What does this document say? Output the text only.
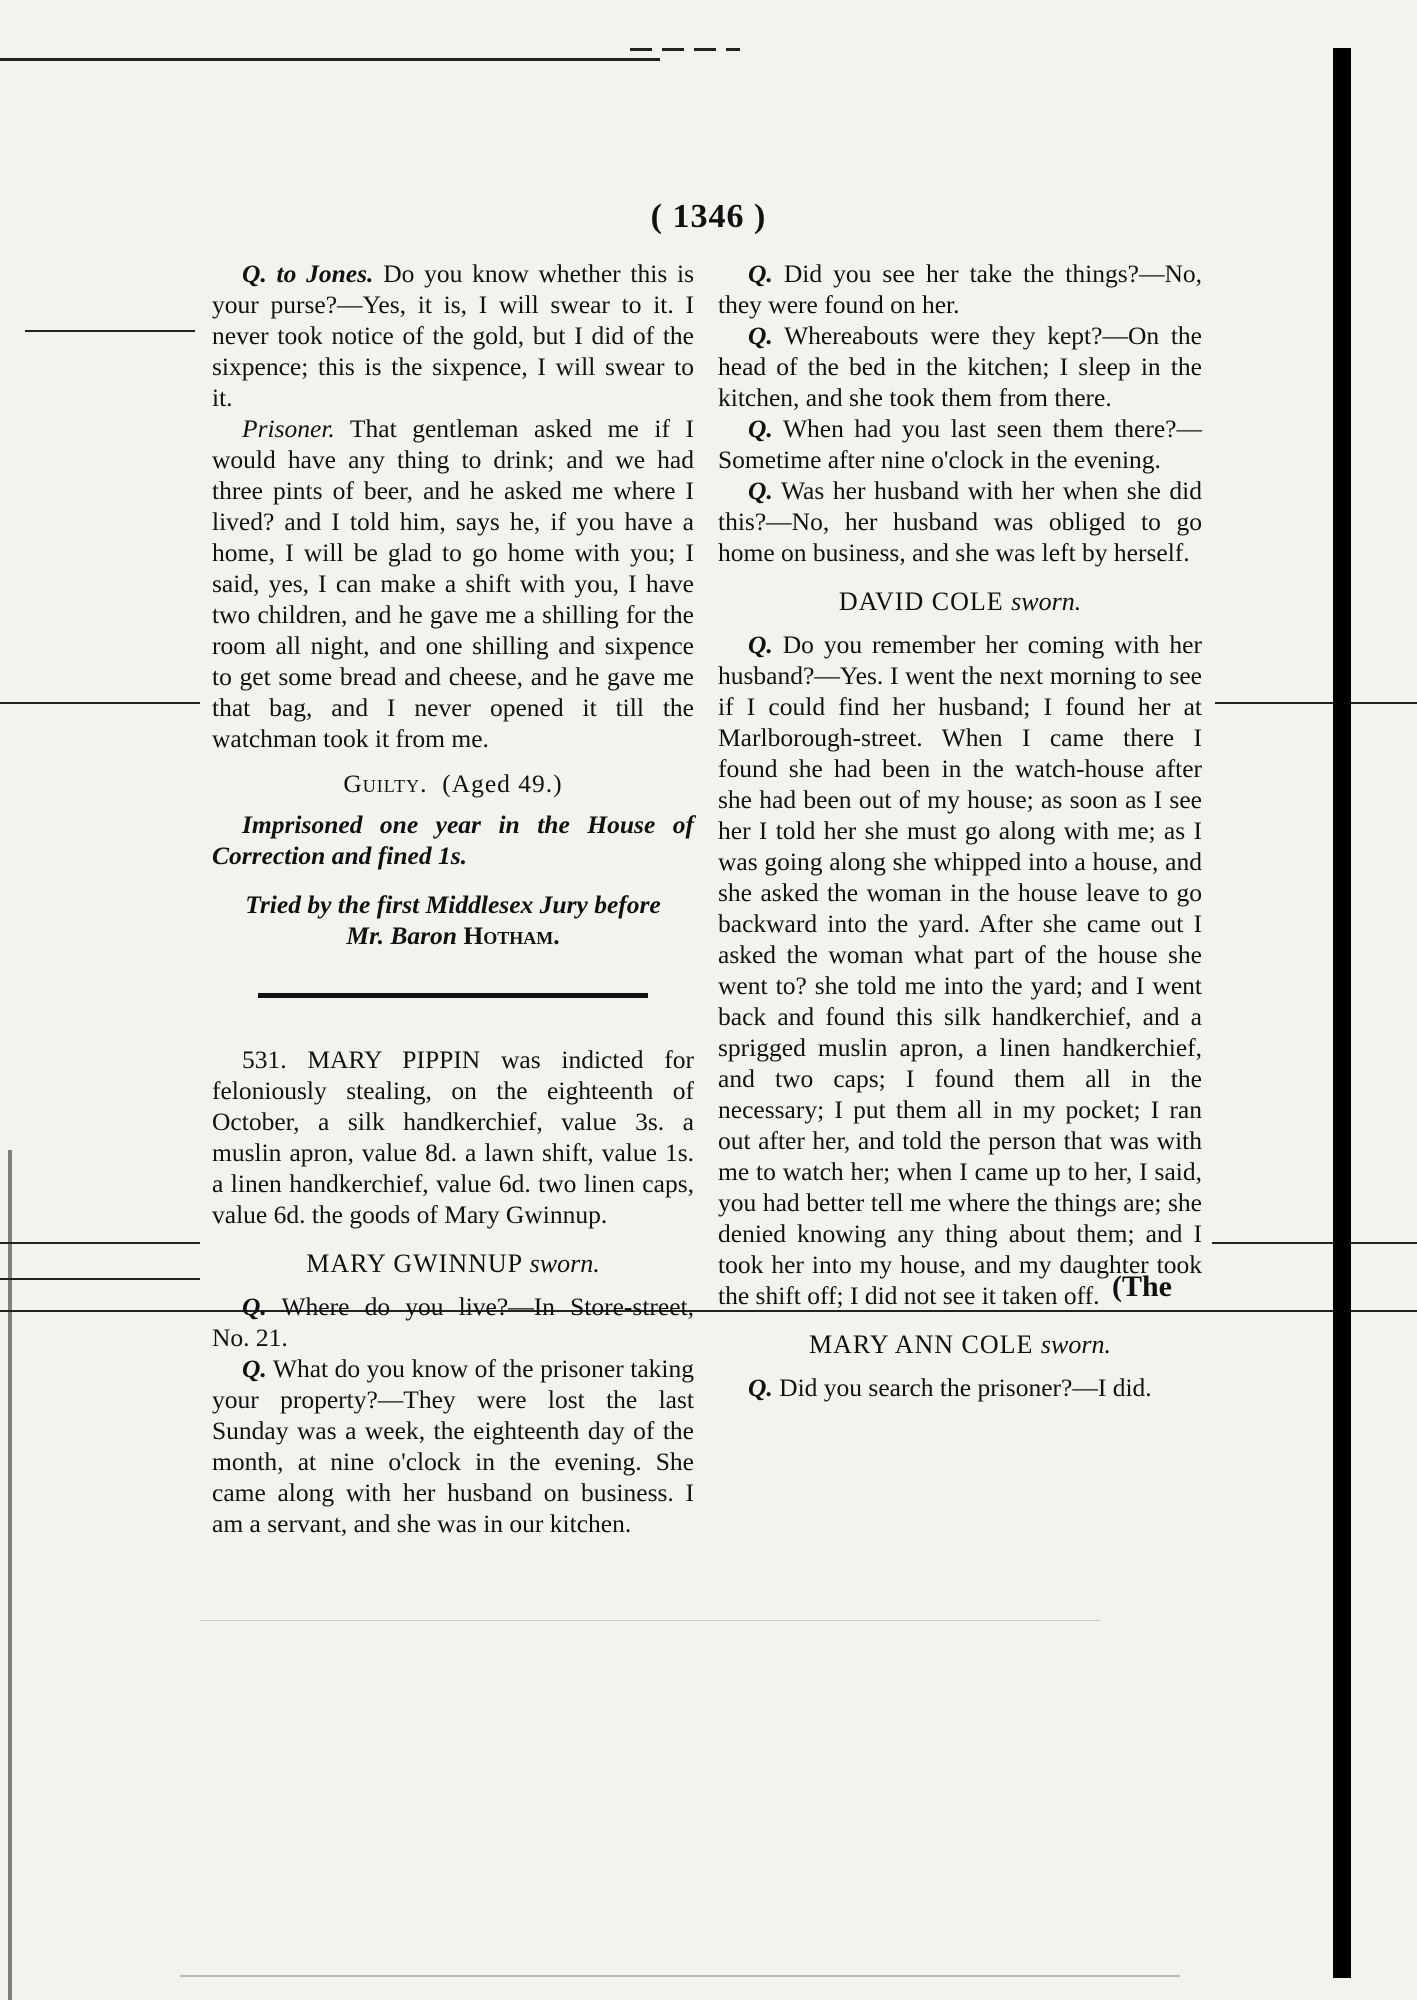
( 1346 )

Q. to Jones. Do you know whether this is your purse?—Yes, it is, I will swear to it. I never took notice of the gold, but I did of the sixpence; this is the sixpence, I will swear to it.

Prisoner. That gentleman asked me if I would have any thing to drink; and we had three pints of beer, and he asked me where I lived? and I told him, says he, if you have a home, I will be glad to go home with you; I said, yes, I can make a shift with you, I have two children, and he gave me a shilling for the room all night, and one shilling and sixpence to get some bread and cheese, and he gave me that bag, and I never opened it till the watchman took it from me.

Guilty. (Aged 49.)

Imprisoned one year in the House of Correction and fined 1s.

Tried by the first Middlesex Jury before

Mr. Baron Hotham.

531. MARY PIPPIN was indicted for feloniously stealing, on the eighteenth of October, a silk handkerchief, value 3s. a muslin apron, value 8d. a lawn shift, value 1s. a linen handkerchief, value 6d. two linen caps, value 6d. the goods of Mary Gwinnup.

MARY GWINNUP sworn.

Q. Where do you live?—In Store-street, No. 21.

Q. What do you know of the prisoner taking your property?—They were lost the last Sunday was a week, the eighteenth day of the month, at nine o'clock in the evening. She came along with her husband on business. I am a servant, and she was in our kitchen.

Q. Did you see her take the things?—No, they were found on her.

Q. Whereabouts were they kept?—On the head of the bed in the kitchen; I sleep in the kitchen, and she took them from there.

Q. When had you last seen them there?—Sometime after nine o'clock in the evening.

Q. Was her husband with her when she did this?—No, her husband was obliged to go home on business, and she was left by herself.

DAVID COLE sworn.

Q. Do you remember her coming with her husband?—Yes. I went the next morning to see if I could find her husband; I found her at Marlborough-street. When I came there I found she had been in the watch-house after she had been out of my house; as soon as I see her I told her she must go along with me; as I was going along she whipped into a house, and she asked the woman in the house leave to go backward into the yard. After she came out I asked the woman what part of the house she went to? she told me into the yard; and I went back and found this silk handkerchief, and a sprigged muslin apron, a linen handkerchief, and two caps; I found them all in the necessary; I put them all in my pocket; I ran out after her, and told the person that was with me to watch her; when I came up to her, I said, you had better tell me where the things are; she denied knowing any thing about them; and I took her into my house, and my daughter took the shift off; I did not see it taken off.

MARY ANN COLE sworn.

Q. Did you search the prisoner?—I did.

(The
